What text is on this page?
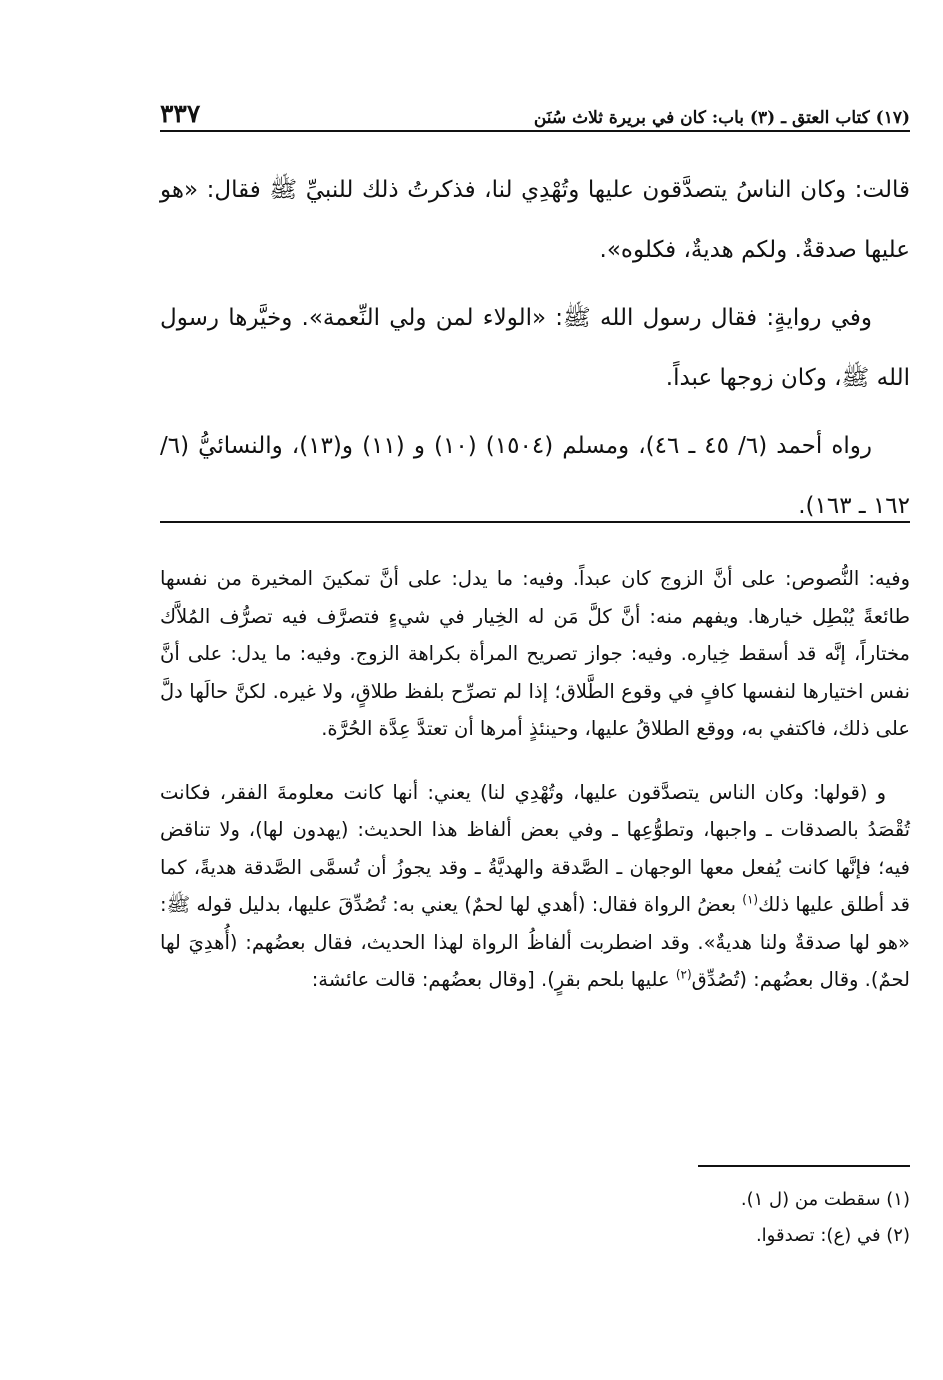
(١٧) كتاب العتق ـ (٣) باب: كان في بريرة ثلاث سُنَن
٣٣٧

قالت: وكان الناسُ يتصدَّقون عليها وتُهْدِي لنا، فذكرتُ ذلك للنبيِّ ﷺ فقال: «هو عليها صدقةٌ. ولكم هديةٌ، فكلوه».

وفي روايةٍ: فقال رسول الله ﷺ: «الولاء لمن ولي النِّعمة». وخيَّرها رسول الله ﷺ، وكان زوجها عبداً.

رواه أحمد (٦/ ٤٥ ـ ٤٦)، ومسلم (١٥٠٤) (١٠) و (١١) و(١٣)، والنسائيُّ (٦/ ١٦٢ ـ ١٦٣).

وفيه: النُّصوص: على أنَّ الزوج كان عبداً. وفيه: ما يدل: على أنَّ تمكينَ المخيرة من نفسها طائعةً يُبْطِل خيارها. ويفهم منه: أنَّ كلَّ مَن له الخِيار في شيءٍ فتصرَّف فيه تصرُّف المُلاَّك مختاراً، إنَّه قد أسقط خِياره. وفيه: جواز تصريح المرأة بكراهة الزوج. وفيه: ما يدل: على أنَّ نفس اختيارها لنفسها كافٍ في وقوع الطَّلاق؛ إذا لم تصرِّح بلفظ طلاقٍ، ولا غيره. لكنَّ حالَها دلَّ على ذلك، فاكتفي به، ووقع الطلاقُ عليها، وحينئذٍ أمرها أن تعتدَّ عِدَّة الحُرَّة.

و (قولها: وكان الناس يتصدَّقون عليها، وتُهْدِي لنا) يعني: أنها كانت معلومةَ الفقر، فكانت تُقْصَدُ بالصدقات ـ واجبها، وتطوُّعِها ـ وفي بعض ألفاظ هذا الحديث: (يهدون لها)، ولا تناقض فيه؛ فإنَّها كانت يُفعل معها الوجهان ـ الصَّدقة والهديَّةُ ـ وقد يجوزُ أن تُسمَّى الصَّدقة هديةً، كما قد أطلق عليها ذلك$^{(١)}$ بعضُ الرواة فقال: (أهدي لها لحمٌ) يعني به: تُصُدِّقَ عليها، بدليل قوله ﷺ: «هو لها صدقةٌ ولنا هديةٌ». وقد اضطربت ألفاظُ الرواة لهذا الحديث، فقال بعضُهم: (أُهدِيَ لها لحمٌ). وقال بعضُهم: (تُصُدِّق$^{(٢)}$ عليها بلحم بقرٍ). [وقال بعضُهم: قالت عائشة:

(١) سقطت من (ل ١).

(٢) في (ع): تصدقوا.
